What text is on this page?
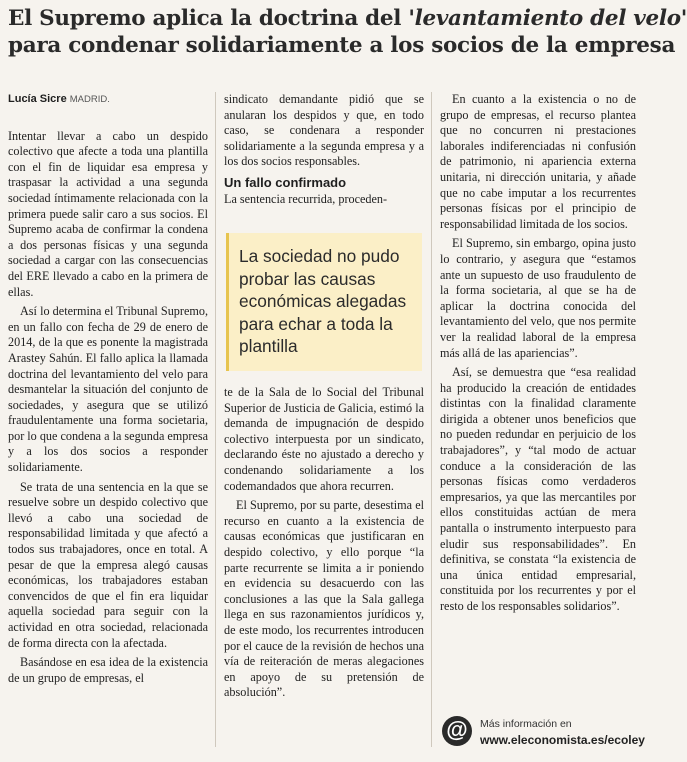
El Supremo aplica la doctrina del 'levantamiento del velo'
para condenar solidariamente a los socios de la empresa
Lucía Sicre MADRID.

Intentar llevar a cabo un despido colectivo que afecte a toda una plantilla con el fin de liquidar esa empresa y traspasar la actividad a una segunda sociedad íntimamente relacionada con la primera puede salir caro a sus socios. El Supremo acaba de confirmar la condena a dos personas físicas y una segunda sociedad a cargar con las consecuencias del ERE llevado a cabo en la primera de ellas.

Así lo determina el Tribunal Supremo, en un fallo con fecha de 29 de enero de 2014, de la que es ponente la magistrada Arastey Sahún. El fallo aplica la llamada doctrina del levantamiento del velo para desmantelar la situación del conjunto de sociedades, y asegura que se utilizó fraudulentamente una forma societaria, por lo que condena a la segunda empresa y a los dos socios a responder solidariamente.

Se trata de una sentencia en la que se resuelve sobre un despido colectivo que llevó a cabo una sociedad de responsabilidad limitada y que afectó a todos sus trabajadores, once en total. A pesar de que la empresa alegó causas económicas, los trabajadores estaban convencidos de que el fin era liquidar aquella sociedad para seguir con la actividad en otra sociedad, relacionada de forma directa con la afectada.

Basándose en esa idea de la existencia de un grupo de empresas, el

sindicato demandante pidió que se anularan los despidos y que, en todo caso, se condenara a responder solidariamente a la segunda empresa y a los dos socios responsables.

Un fallo confirmado

La sentencia recurrida, proceden-

La sociedad no pudo probar las causas económicas alegadas para echar a toda la plantilla

te de la Sala de lo Social del Tribunal Superior de Justicia de Galicia, estimó la demanda de impugnación de despido colectivo interpuesta por un sindicato, declarando éste no ajustado a derecho y condenando solidariamente a los codemandados que ahora recurren.

El Supremo, por su parte, desestima el recurso en cuanto a la existencia de causas económicas que justificaran en despido colectivo, y ello porque “la parte recurrente se limita a ir poniendo en evidencia su desacuerdo con las conclusiones a las que la Sala gallega llega en sus razonamientos jurídicos y, de este modo, los recurrentes introducen por el cauce de la revisión de hechos una vía de reiteración de meras alegaciones en apoyo de su pretensión de absolución”.

En cuanto a la existencia o no de grupo de empresas, el recurso plantea que no concurren ni prestaciones laborales indiferenciadas ni confusión de patrimonio, ni apariencia externa unitaria, ni dirección unitaria, y añade que no cabe imputar a los recurrentes personas físicas por el principio de responsabilidad limitada de los socios.

El Supremo, sin embargo, opina justo lo contrario, y asegura que “estamos ante un supuesto de uso fraudulento de la forma societaria, al que se ha de aplicar la doctrina conocida del levantamiento del velo, que nos permite ver la realidad laboral de la empresa más allá de las apariencias”.

Así, se demuestra que “esa realidad ha producido la creación de entidades distintas con la finalidad claramente dirigida a obtener unos beneficios que no pueden redundar en perjuicio de los trabajadores”, y “tal modo de actuar conduce a la consideración de las personas físicas como verdaderos empresarios, ya que las mercantiles por ellos constituidas actúan de mera pantalla o instrumento interpuesto para eludir sus responsabilidades”. En definitiva, se constata “la existencia de una única entidad empresarial, constituida por los recurrentes y por el resto de los responsables solidarios”.

@	Más información en
www.eleconomista.es/ecoley
